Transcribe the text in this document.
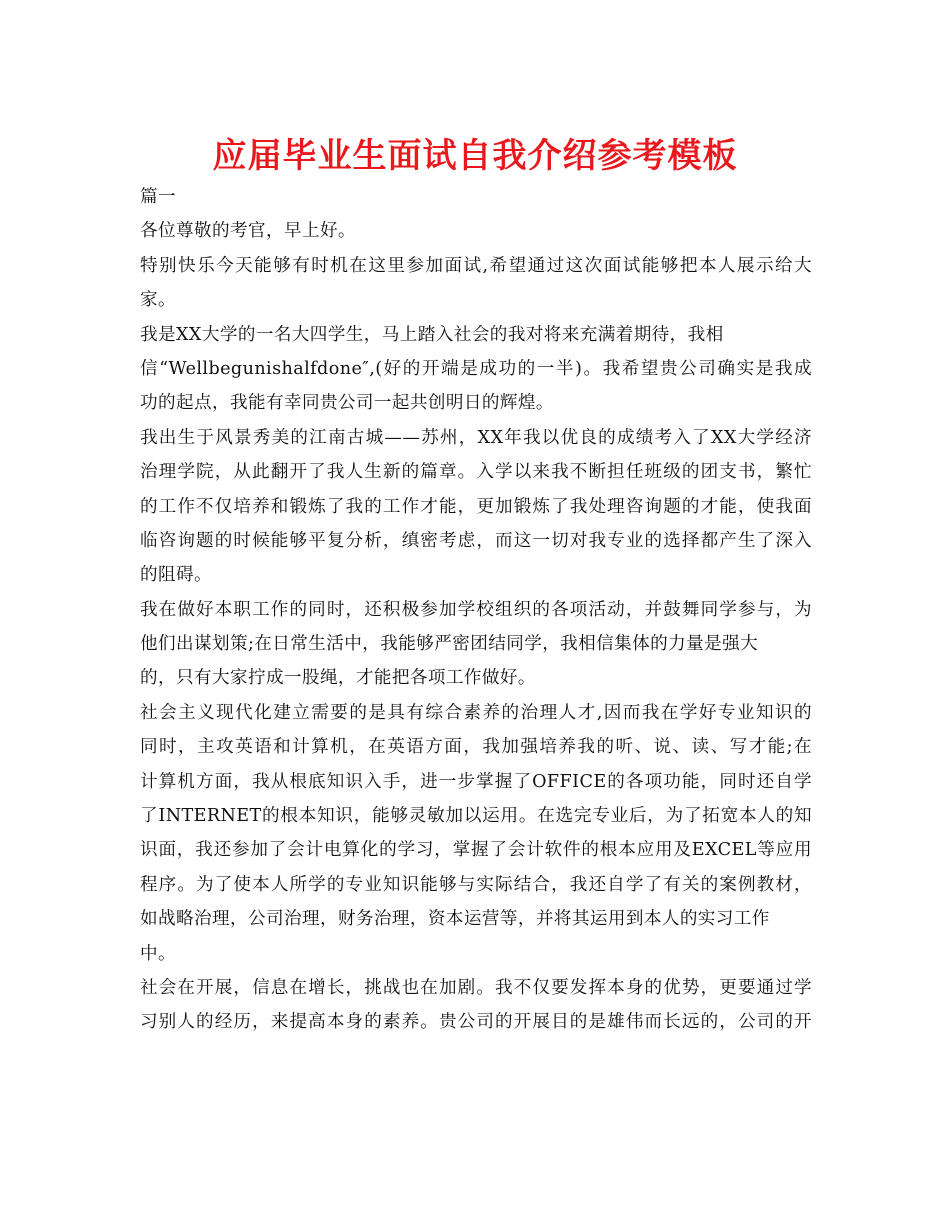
应届毕业生面试自我介绍参考模板
篇一
各位尊敬的考官，早上好。
特别快乐今天能够有时机在这里参加面试,希望通过这次面试能够把本人展示给大
家。
我是XX大学的一名大四学生，马上踏入社会的我对将来充满着期待，我相
信“Wellbegunishalfdone″,(好的开端是成功的一半)。我希望贵公司确实是我成
功的起点，我能有幸同贵公司一起共创明日的辉煌。
我出生于风景秀美的江南古城——苏州，XX年我以优良的成绩考入了XX大学经济
治理学院，从此翻开了我人生新的篇章。入学以来我不断担任班级的团支书，繁忙
的工作不仅培养和锻炼了我的工作才能，更加锻炼了我处理咨询题的才能，使我面
临咨询题的时候能够平复分析，缜密考虑，而这一切对我专业的选择都产生了深入
的阻碍。
我在做好本职工作的同时，还积极参加学校组织的各项活动，并鼓舞同学参与，为
他们出谋划策;在日常生活中，我能够严密团结同学，我相信集体的力量是强大
的，只有大家拧成一股绳，才能把各项工作做好。
社会主义现代化建立需要的是具有综合素养的治理人才,因而我在学好专业知识的
同时，主攻英语和计算机，在英语方面，我加强培养我的听、说、读、写才能;在
计算机方面，我从根底知识入手，进一步掌握了OFFICE的各项功能，同时还自学
了INTERNET的根本知识，能够灵敏加以运用。在选完专业后，为了拓宽本人的知
识面，我还参加了会计电算化的学习，掌握了会计软件的根本应用及EXCEL等应用
程序。为了使本人所学的专业知识能够与实际结合，我还自学了有关的案例教材，
如战略治理，公司治理，财务治理，资本运营等，并将其运用到本人的实习工作
中。
社会在开展，信息在增长，挑战也在加剧。我不仅要发挥本身的优势，更要通过学
习别人的经历，来提高本身的素养。贵公司的开展目的是雄伟而长远的，公司的开
